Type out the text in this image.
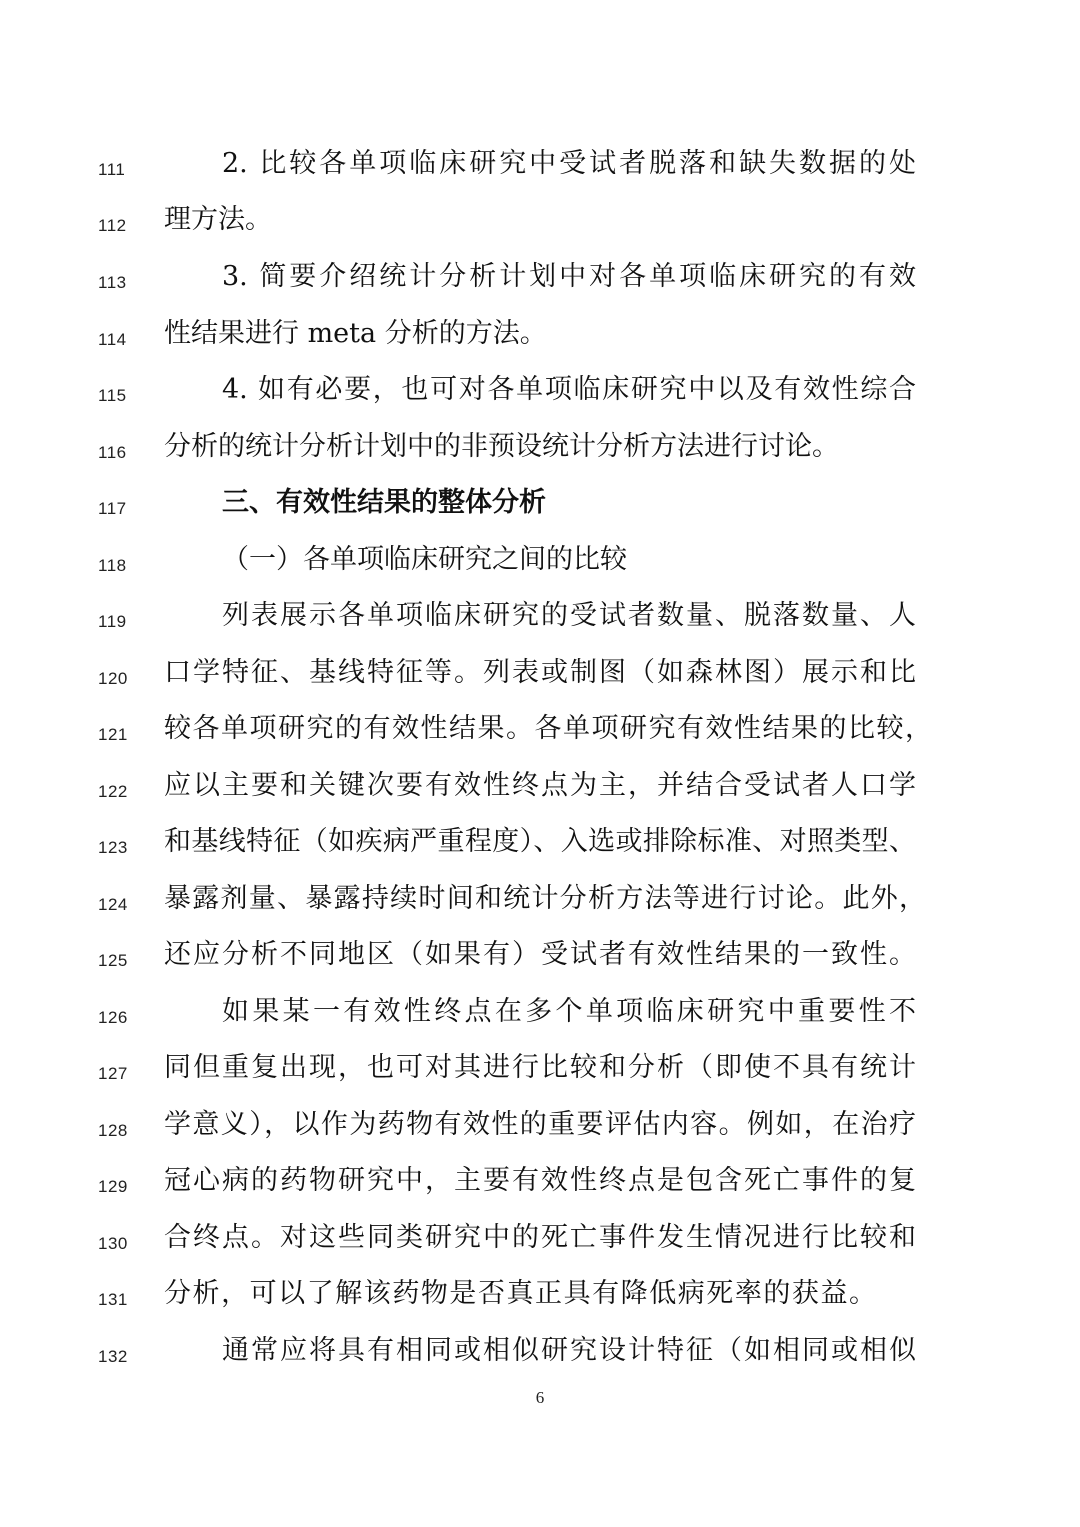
111	2. 比较各单项临床研究中受试者脱落和缺失数据的处
112	理方法。
113	3. 简要介绍统计分析计划中对各单项临床研究的有效
114	性结果进行 meta 分析的方法。
115	4. 如有必要，也可对各单项临床研究中以及有效性综合
116	分析的统计分析计划中的非预设统计分析方法进行讨论。
117	三、有效性结果的整体分析
118	（一）各单项临床研究之间的比较
119	列表展示各单项临床研究的受试者数量、脱落数量、人
120	口学特征、基线特征等。列表或制图（如森林图）展示和比
121	较各单项研究的有效性结果。各单项研究有效性结果的比较，
122	应以主要和关键次要有效性终点为主，并结合受试者人口学
123	和基线特征（如疾病严重程度）、入选或排除标准、对照类型、
124	暴露剂量、暴露持续时间和统计分析方法等进行讨论。此外，
125	还应分析不同地区（如果有）受试者有效性结果的一致性。
126	如果某一有效性终点在多个单项临床研究中重要性不
127	同但重复出现，也可对其进行比较和分析（即使不具有统计
128	学意义），以作为药物有效性的重要评估内容。例如，在治疗
129	冠心病的药物研究中，主要有效性终点是包含死亡事件的复
130	合终点。对这些同类研究中的死亡事件发生情况进行比较和
131	分析，可以了解该药物是否真正具有降低病死率的获益。
132	通常应将具有相同或相似研究设计特征（如相同或相似
6
